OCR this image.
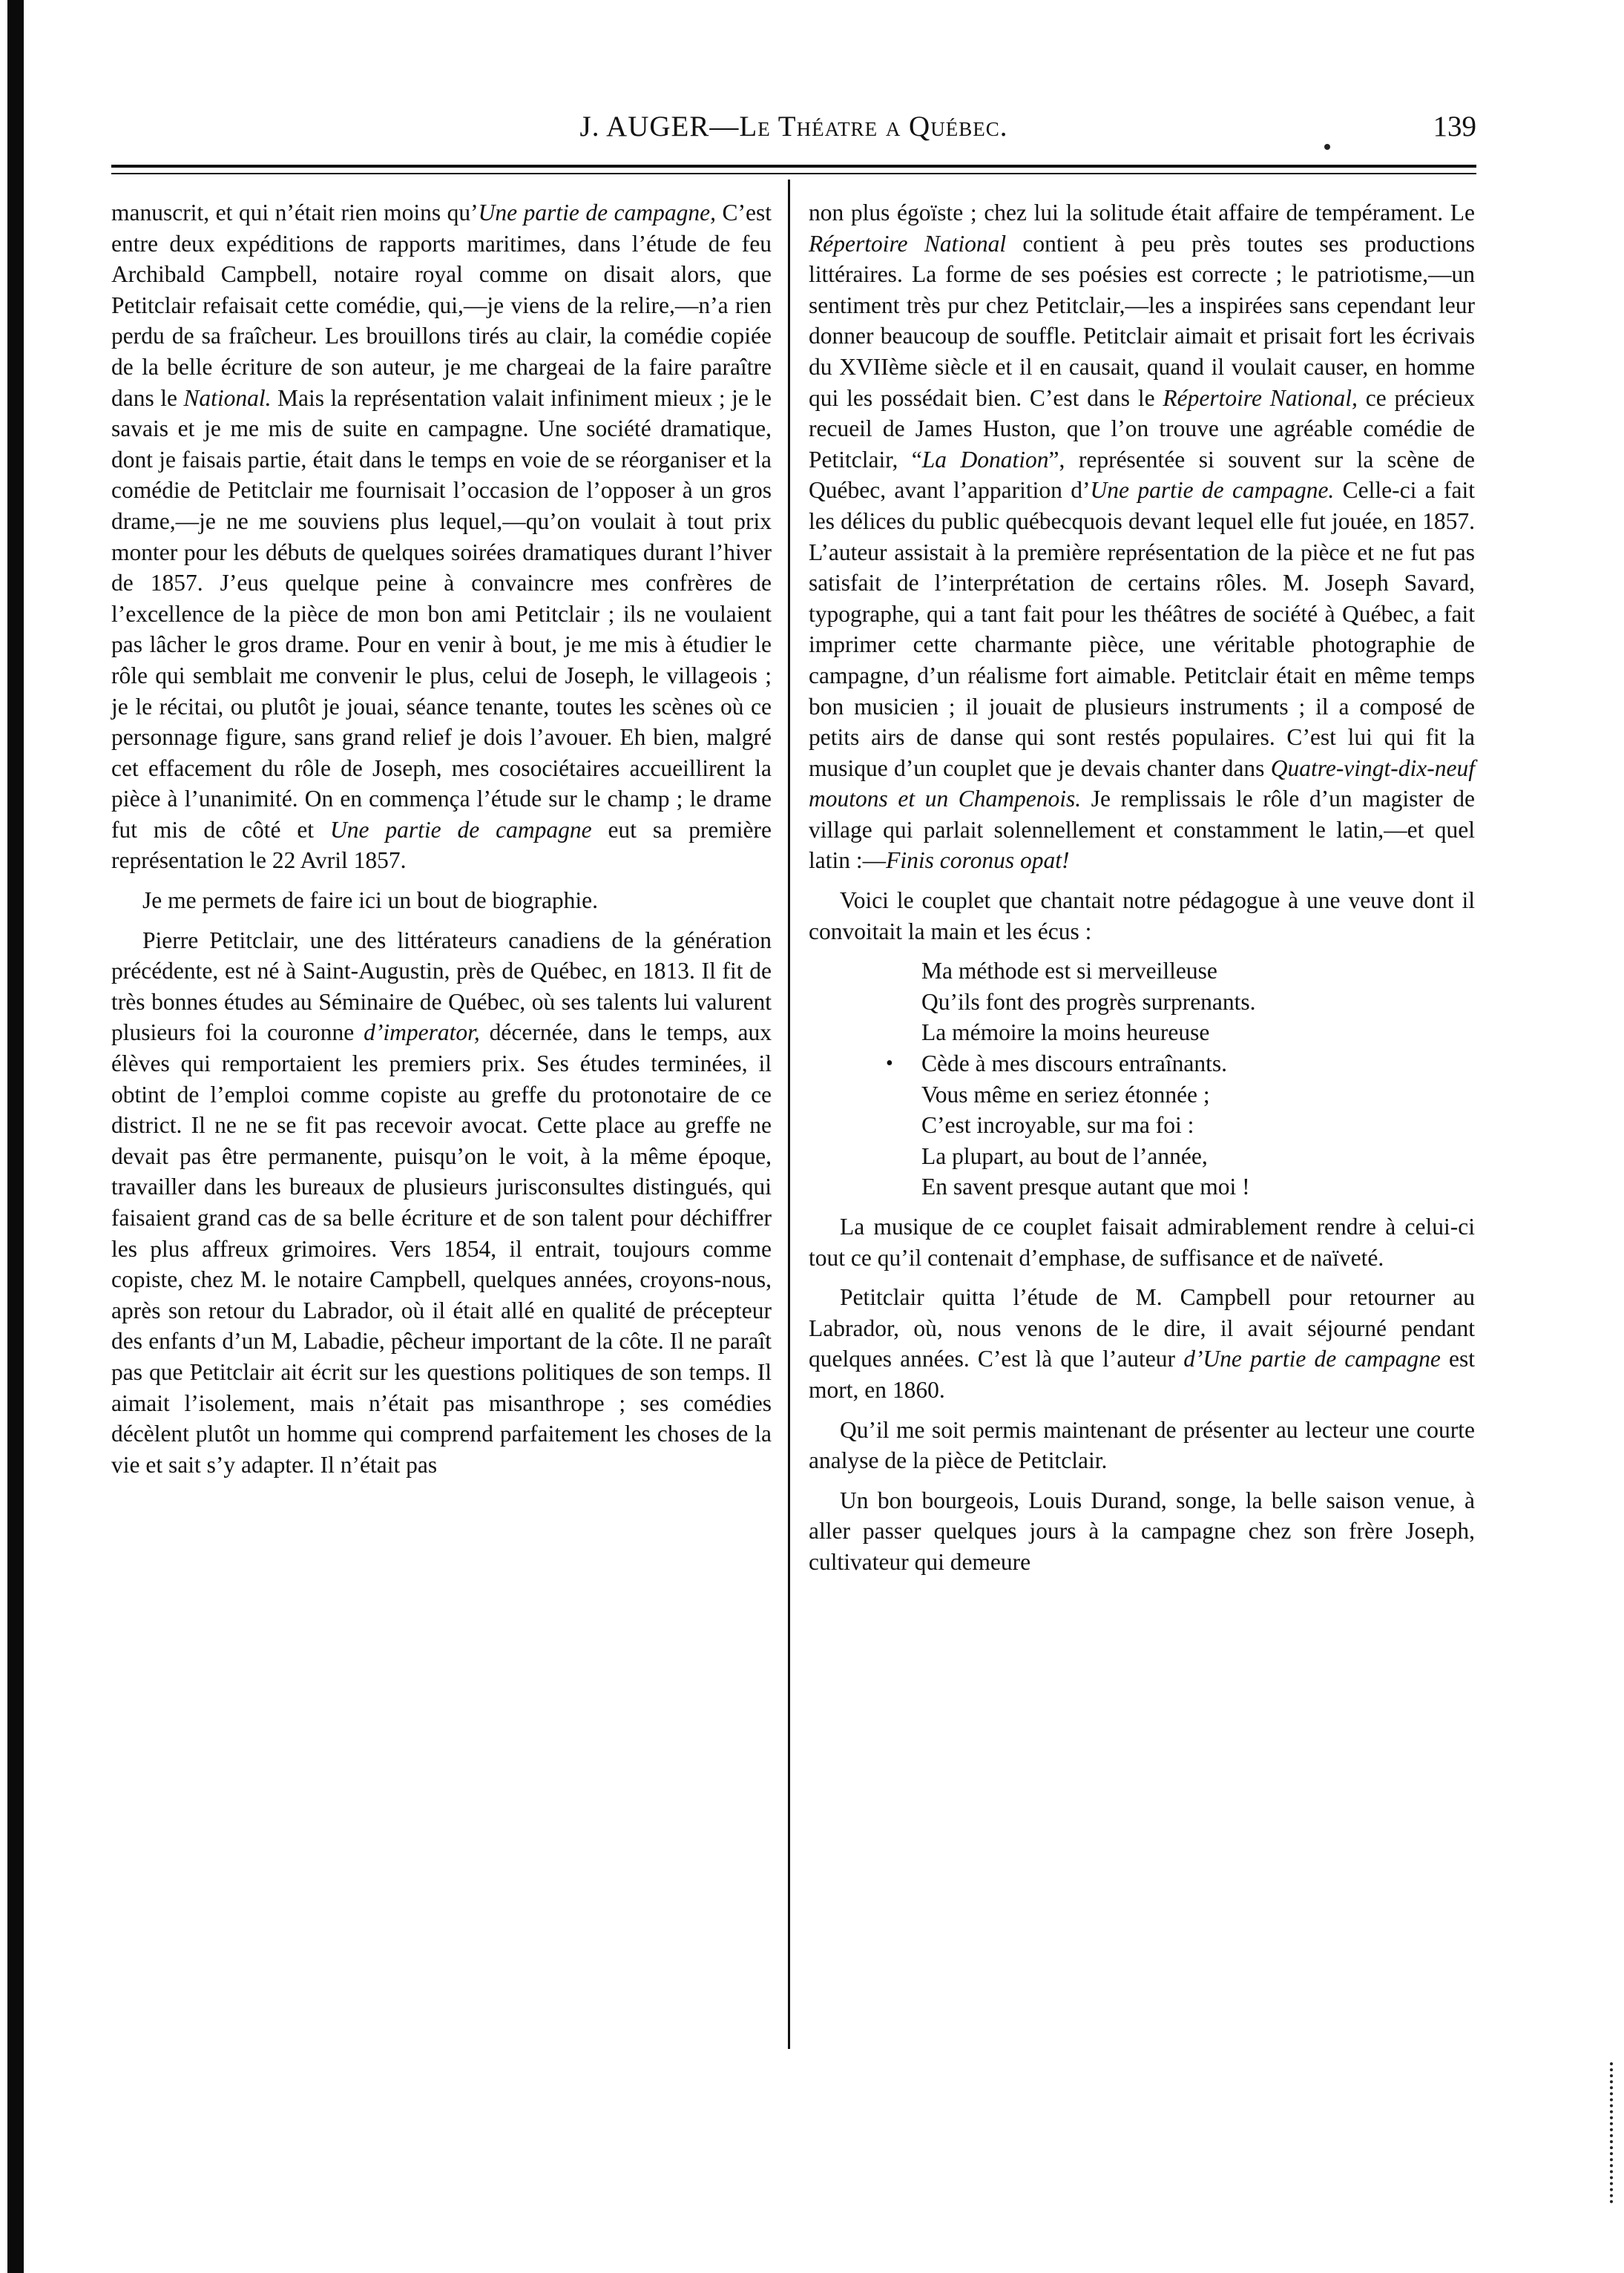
J. AUGER—Le Théatre a Québec.	139

manuscrit, et qui n’était rien moins qu’Une partie de campagne, C’est entre deux expéditions de rapports maritimes, dans l’étude de feu Archibald Campbell, notaire royal comme on disait alors, que Petitclair refaisait cette comédie, qui,—je viens de la relire,—n’a rien perdu de sa fraîcheur. Les brouillons tirés au clair, la comédie copiée de la belle écriture de son auteur, je me chargeai de la faire paraître dans le National. Mais la représentation valait infiniment mieux ; je le savais et je me mis de suite en campagne. Une société dramatique, dont je faisais partie, était dans le temps en voie de se réorganiser et la comédie de Petitclair me fournisait l’occasion de l’opposer à un gros drame,—je ne me souviens plus lequel,—qu’on voulait à tout prix monter pour les débuts de quelques soirées dramatiques durant l’hiver de 1857. J’eus quelque peine à convaincre mes confrères de l’excellence de la pièce de mon bon ami Petitclair ; ils ne voulaient pas lâcher le gros drame. Pour en venir à bout, je me mis à étudier le rôle qui semblait me convenir le plus, celui de Joseph, le villageois ; je le récitai, ou plutôt je jouai, séance tenante, toutes les scènes où ce personnage figure, sans grand relief je dois l’avouer. Eh bien, malgré cet effacement du rôle de Joseph, mes cosociétaires accueillirent la pièce à l’unanimité. On en commença l’étude sur le champ ; le drame fut mis de côté et Une partie de campagne eut sa première représentation le 22 Avril 1857.

Je me permets de faire ici un bout de biographie.

Pierre Petitclair, une des littérateurs canadiens de la génération précédente, est né à Saint-Augustin, près de Québec, en 1813. Il fit de très bonnes études au Séminaire de Québec, où ses talents lui valurent plusieurs foi la couronne d’imperator, décernée, dans le temps, aux élèves qui remportaient les premiers prix. Ses études terminées, il obtint de l’emploi comme copiste au greffe du protonotaire de ce district. Il ne ne se fit pas recevoir avocat. Cette place au greffe ne devait pas être permanente, puisqu’on le voit, à la même époque, travailler dans les bureaux de plusieurs jurisconsultes distingués, qui faisaient grand cas de sa belle écriture et de son talent pour déchiffrer les plus affreux grimoires. Vers 1854, il entrait, toujours comme copiste, chez M. le notaire Campbell, quelques années, croyons-nous, après son retour du Labrador, où il était allé en qualité de précepteur des enfants d’un M, Labadie, pêcheur important de la côte. Il ne paraît pas que Petitclair ait écrit sur les questions politiques de son temps. Il aimait l’isolement, mais n’était pas misanthrope ; ses comédies décèlent plutôt un homme qui comprend parfaitement les choses de la vie et sait s’y adapter. Il n’était pas

non plus égoïste ; chez lui la solitude était affaire de tempérament. Le Répertoire National contient à peu près toutes ses productions littéraires. La forme de ses poésies est correcte ; le patriotisme,—un sentiment très pur chez Petitclair,—les a inspirées sans cependant leur donner beaucoup de souffle. Petitclair aimait et prisait fort les écrivais du XVIIème siècle et il en causait, quand il voulait causer, en homme qui les possédait bien. C’est dans le Répertoire National, ce précieux recueil de James Huston, que l’on trouve une agréable comédie de Petitclair, “La Donation”, représentée si souvent sur la scène de Québec, avant l’apparition d’Une partie de campagne. Celle-ci a fait les délices du public québecquois devant lequel elle fut jouée, en 1857. L’auteur assistait à la première représentation de la pièce et ne fut pas satisfait de l’interprétation de certains rôles. M. Joseph Savard, typographe, qui a tant fait pour les théâtres de société à Québec, a fait imprimer cette charmante pièce, une véritable photographie de campagne, d’un réalisme fort aimable. Petitclair était en même temps bon musicien ; il jouait de plusieurs instruments ; il a composé de petits airs de danse qui sont restés populaires. C’est lui qui fit la musique d’un couplet que je devais chanter dans Quatre-vingt-dix-neuf moutons et un Champenois. Je remplissais le rôle d’un magister de village qui parlait solennellement et constamment le latin,—et quel latin :—Finis coronus opat!

Voici le couplet que chantait notre pédagogue à une veuve dont il convoitait la main et les écus :

Ma méthode est si merveilleuse
Qu’ils font des progrès surprenants.
La mémoire la moins heureuse
• Cède à mes discours entraînants.
Vous même en seriez étonnée ;
C’est incroyable, sur ma foi :
La plupart, au bout de l’année,
En savent presque autant que moi !

La musique de ce couplet faisait admirablement rendre à celui-ci tout ce qu’il contenait d’emphase, de suffisance et de naïveté.

Petitclair quitta l’étude de M. Campbell pour retourner au Labrador, où, nous venons de le dire, il avait séjourné pendant quelques années. C’est là que l’auteur d’Une partie de campagne est mort, en 1860.

Qu’il me soit permis maintenant de présenter au lecteur une courte analyse de la pièce de Petitclair.

Un bon bourgeois, Louis Durand, songe, la belle saison venue, à aller passer quelques jours à la campagne chez son frère Joseph, cultivateur qui demeure
